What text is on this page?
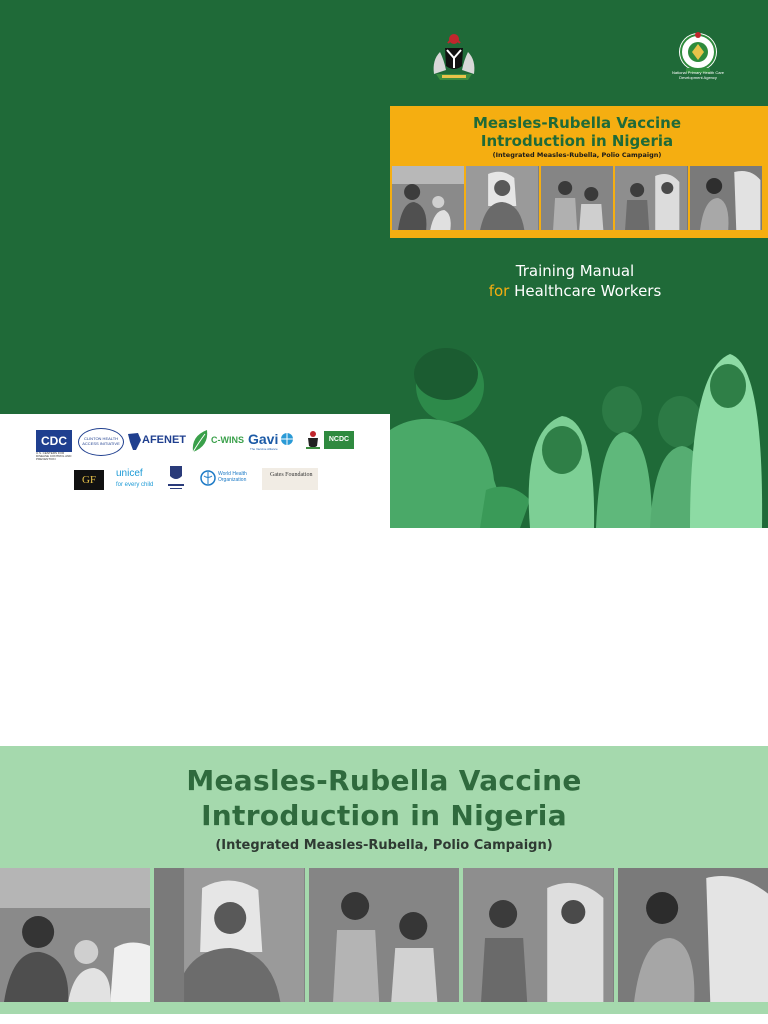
National Primary Health Care Development Agency
Measles-Rubella Vaccine
Introduction in Nigeria
(Integrated Measles-Rubella, Polio Campaign)
Training Manual
for Healthcare Workers
CDC
U.S. CENTERS FOR DISEASE CONTROL AND PREVENTION
CLINTON HEALTH ACCESS INITIATIVE	AFENET	C-WINS Gavi
The Vaccine Alliance
NCDC
GF
unicef
for every child
World Health Organization
Gates Foundation
Measles-Rubella Vaccine
Introduction in Nigeria
(Integrated Measles-Rubella, Polio Campaign)
